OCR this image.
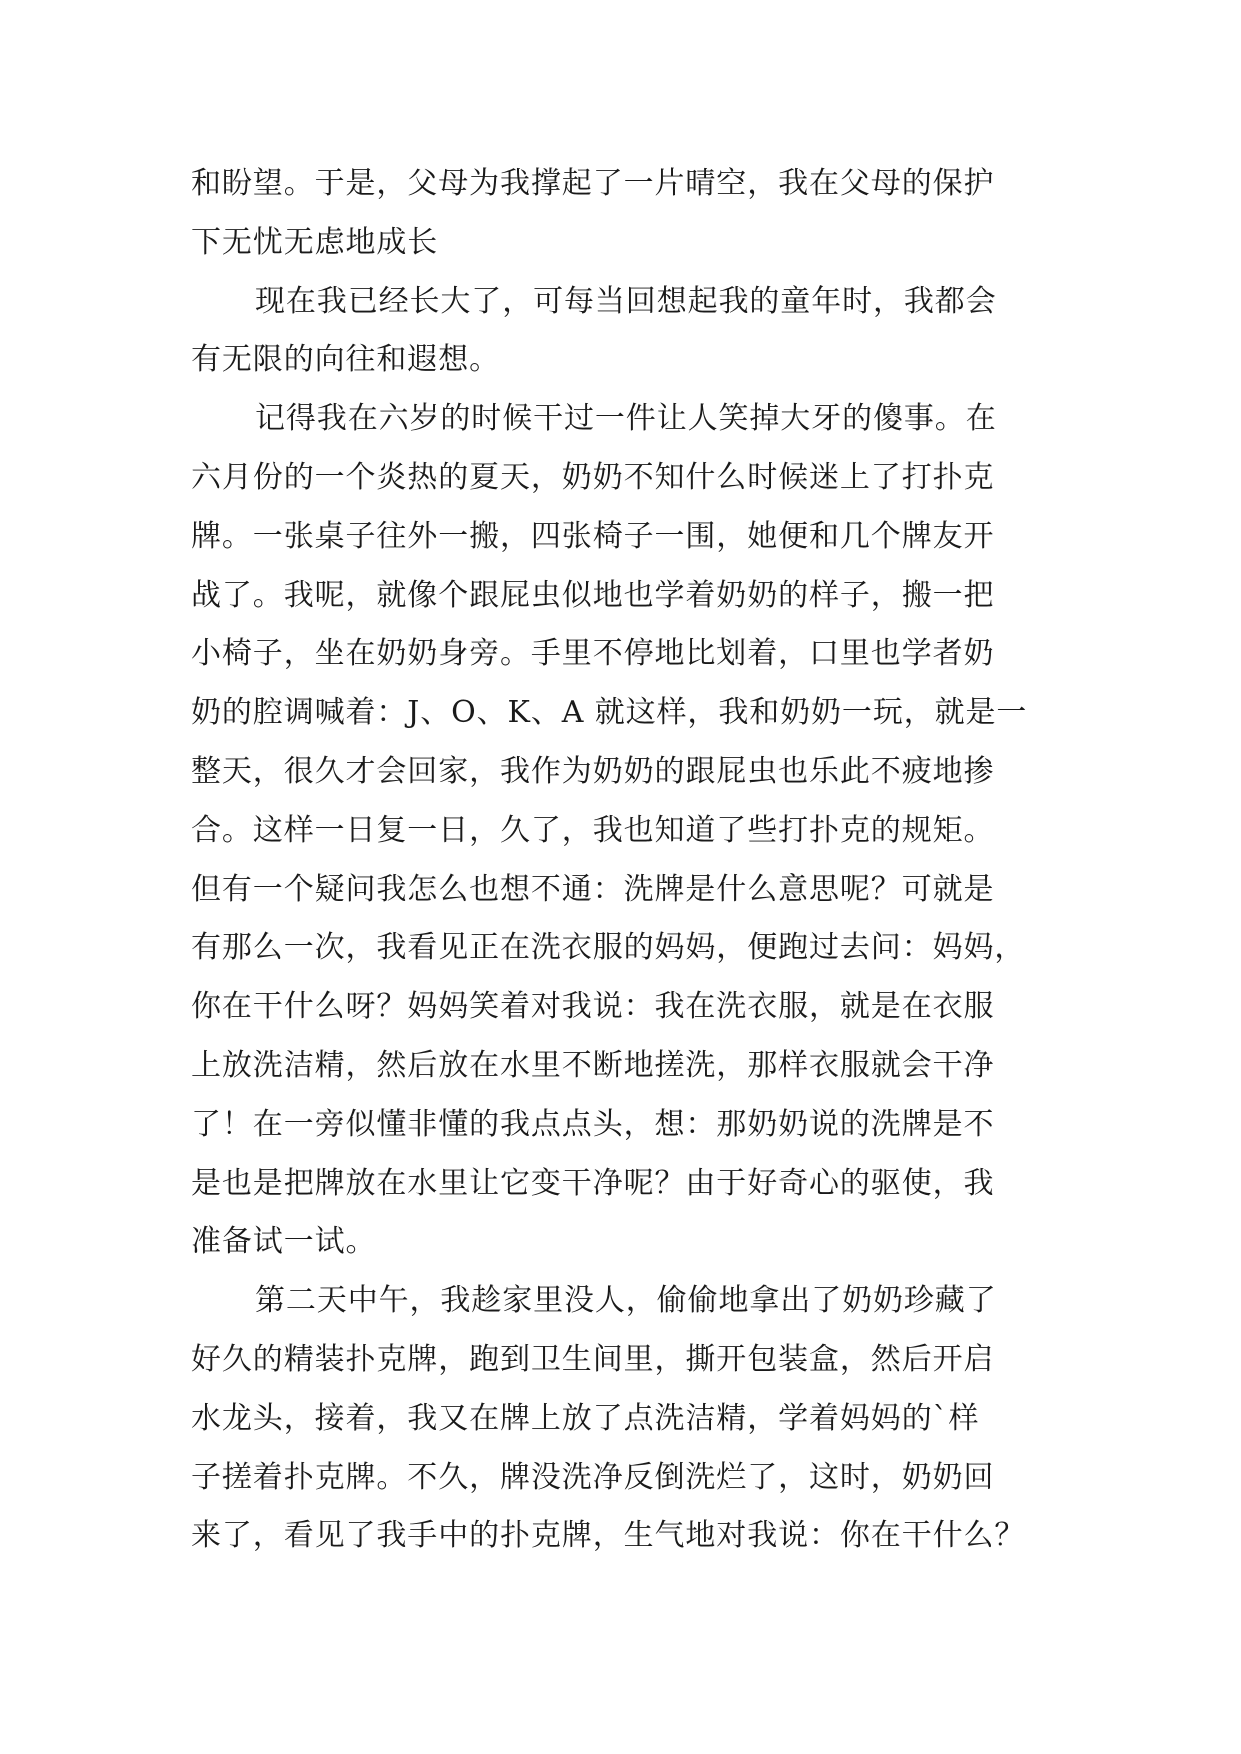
和盼望。于是，父母为我撑起了一片晴空，我在父母的保护
下无忧无虑地成长
现在我已经长大了，可每当回想起我的童年时，我都会
有无限的向往和遐想。
记得我在六岁的时候干过一件让人笑掉大牙的傻事。在
六月份的一个炎热的夏天，奶奶不知什么时候迷上了打扑克
牌。一张桌子往外一搬，四张椅子一围，她便和几个牌友开
战了。我呢，就像个跟屁虫似地也学着奶奶的样子，搬一把
小椅子，坐在奶奶身旁。手里不停地比划着，口里也学者奶
奶的腔调喊着：J、O、K、A 就这样，我和奶奶一玩，就是一
整天，很久才会回家，我作为奶奶的跟屁虫也乐此不疲地掺
合。这样一日复一日，久了，我也知道了些打扑克的规矩。
但有一个疑问我怎么也想不通：洗牌是什么意思呢？可就是
有那么一次，我看见正在洗衣服的妈妈，便跑过去问：妈妈，
你在干什么呀？妈妈笑着对我说：我在洗衣服，就是在衣服
上放洗洁精，然后放在水里不断地搓洗，那样衣服就会干净
了！在一旁似懂非懂的我点点头，想：那奶奶说的洗牌是不
是也是把牌放在水里让它变干净呢？由于好奇心的驱使，我
准备试一试。
第二天中午，我趁家里没人，偷偷地拿出了奶奶珍藏了
好久的精装扑克牌，跑到卫生间里，撕开包装盒，然后开启
水龙头，接着，我又在牌上放了点洗洁精，学着妈妈的`样
子搓着扑克牌。不久，牌没洗净反倒洗烂了，这时，奶奶回
来了，看见了我手中的扑克牌，生气地对我说：你在干什么？
